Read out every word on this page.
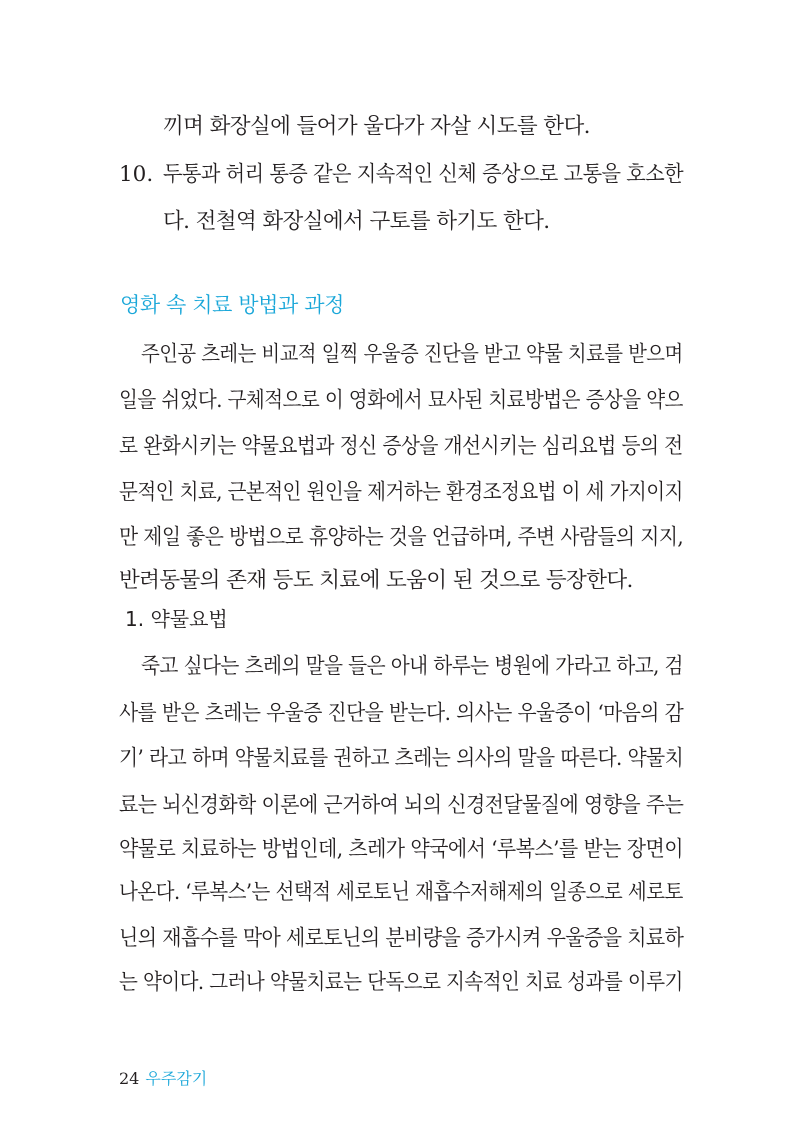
끼며 화장실에 들어가 울다가 자살 시도를 한다.
10. 두통과 허리 통증 같은 지속적인 신체 증상으로 고통을 호소한
다. 전철역 화장실에서 구토를 하기도 한다.
영화 속 치료 방법과 과정
주인공 츠레는 비교적 일찍 우울증 진단을 받고 약물 치료를 받으며
일을 쉬었다. 구체적으로 이 영화에서 묘사된 치료방법은 증상을 약으
로 완화시키는 약물요법과 정신 증상을 개선시키는 심리요법 등의 전
문적인 치료, 근본적인 원인을 제거하는 환경조정요법 이 세 가지이지
만 제일 좋은 방법으로 휴양하는 것을 언급하며, 주변 사람들의 지지,
반려동물의 존재 등도 치료에 도움이 된 것으로 등장한다.
1. 약물요법
죽고 싶다는 츠레의 말을 들은 아내 하루는 병원에 가라고 하고, 검
사를 받은 츠레는 우울증 진단을 받는다. 의사는 우울증이 ‘마음의 감
기’ 라고 하며 약물치료를 권하고 츠레는 의사의 말을 따른다. 약물치
료는 뇌신경화학 이론에 근거하여 뇌의 신경전달물질에 영향을 주는
약물로 치료하는 방법인데, 츠레가 약국에서 ‘루복스’를 받는 장면이
나온다. ‘루복스’는 선택적 세로토닌 재흡수저해제의 일종으로 세로토
닌의 재흡수를 막아 세로토닌의 분비량을 증가시켜 우울증을 치료하
는 약이다. 그러나 약물치료는 단독으로 지속적인 치료 성과를 이루기
24 우주감기
